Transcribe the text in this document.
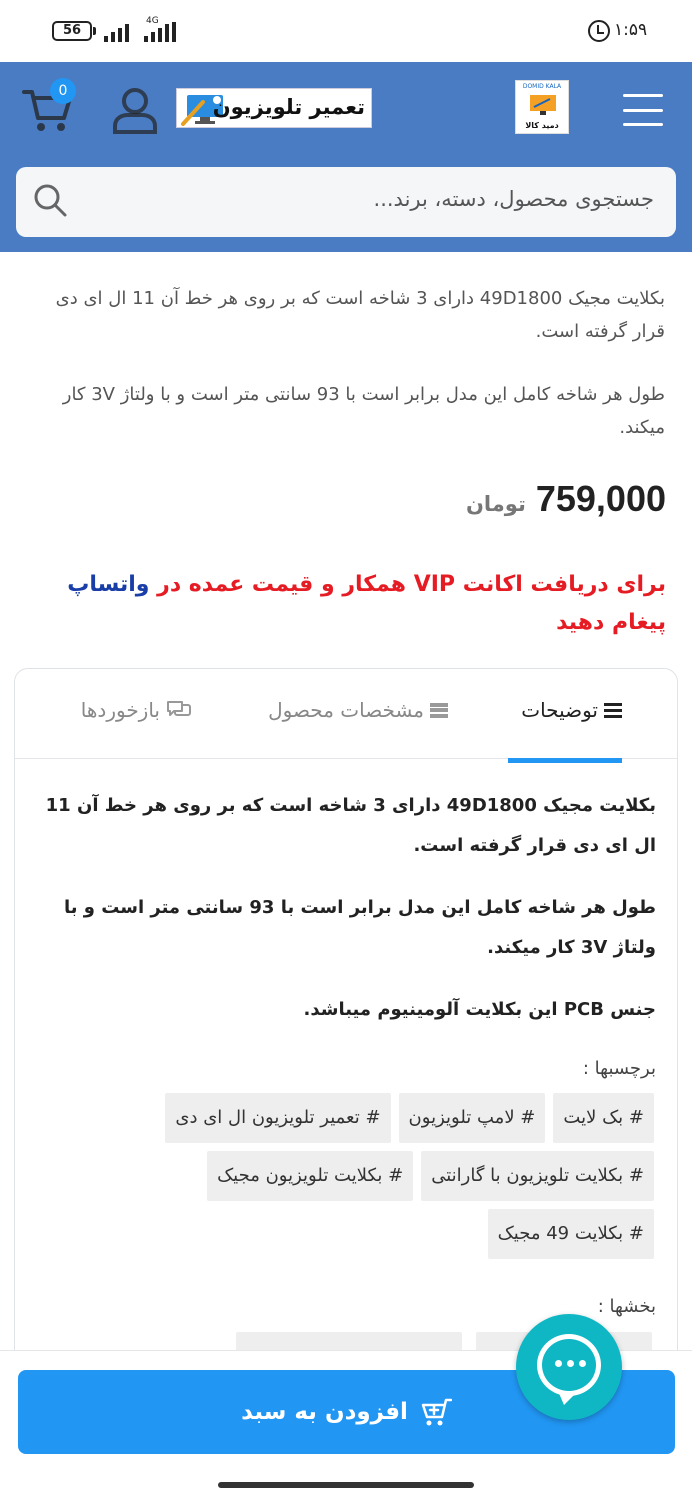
56
4G	۱:۵۹
0
تعمیر تلویزیون
DOMID KALA
دمید کالا
جستجوی محصول، دسته، برند...

بکلایت مجیک 49D1800 دارای 3 شاخه است که بر روی هر خط آن 11 ال ای دی قرار گرفته است.

طول هر شاخه کامل این مدل برابر است با 93 سانتی متر است و با ولتاژ 3V کار میکند.

759,000
تومان
برای دریافت اکانت VIP همکار و قیمت عمده در واتساپ پیغام دهید
توضیحات
مشخصات محصول
بازخوردها

بکلایت مجیک 49D1800 دارای 3 شاخه است که بر روی هر خط آن 11 ال ای دی قرار گرفته است.

طول هر شاخه کامل این مدل برابر است با 93 سانتی متر است و با ولتاژ 3V کار میکند.

جنس PCB این بکلایت آلومینیوم میباشد.

برچسبها :
# بک لایت
# لامپ تلویزیون
# تعمیر تلویزیون ال ای دی
# بکلایت تلویزیون با گارانتی
# بکلایت تلویزیون مجیک
# بکلایت 49 مجیک
بخشها :
افزودن به سبد
